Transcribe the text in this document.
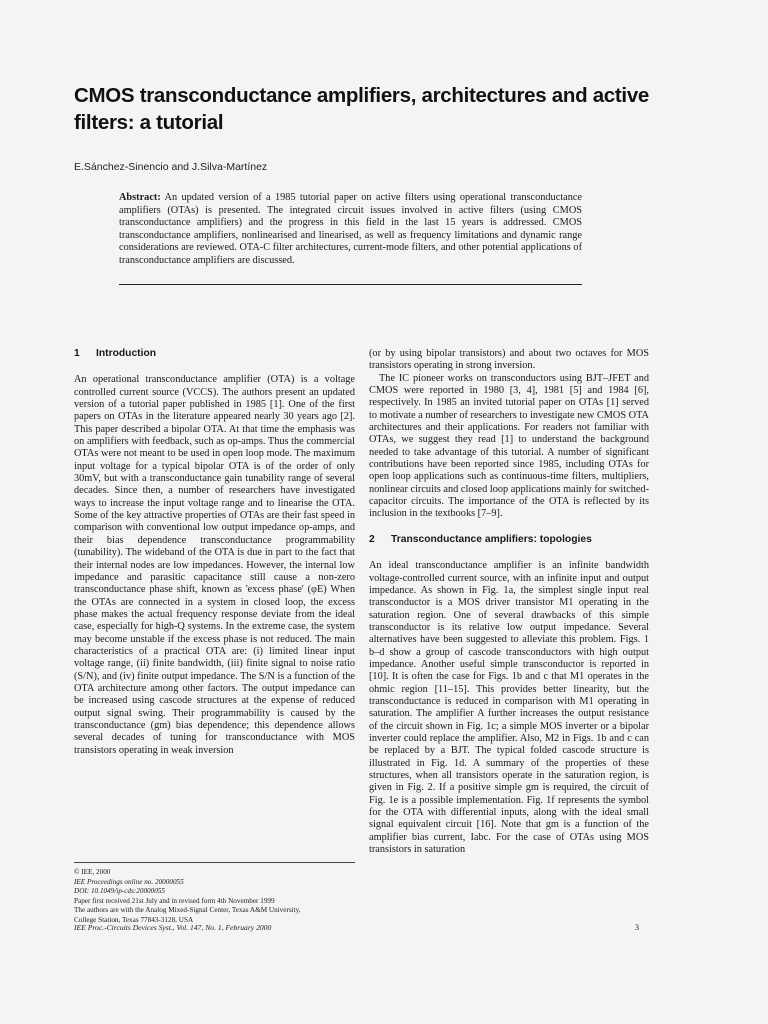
CMOS transconductance amplifiers, architectures and active filters: a tutorial
E.Sánchez-Sinencio and J.Silva-Martínez

Abstract: An updated version of a 1985 tutorial paper on active filters using operational transconductance amplifiers (OTAs) is presented. The integrated circuit issues involved in active filters (using CMOS transconductance amplifiers) and the progress in this field in the last 15 years is addressed. CMOS transconductance amplifiers, nonlinearised and linearised, as well as frequency limitations and dynamic range considerations are reviewed. OTA-C filter architectures, current-mode filters, and other potential applications of transconductance amplifiers are discussed.

1 Introduction

An operational transconductance amplifier (OTA) is a voltage controlled current source (VCCS). The authors present an updated version of a tutorial paper published in 1985 [1]. One of the first papers on OTAs in the literature appeared nearly 30 years ago [2]. This paper described a bipolar OTA. At that time the emphasis was on amplifiers with feedback, such as op-amps. Thus the commercial OTAs were not meant to be used in open loop mode. The maximum input voltage for a typical bipolar OTA is of the order of only 30mV, but with a transconductance gain tunability range of several decades. Since then, a number of researchers have investigated ways to increase the input voltage range and to linearise the OTA. Some of the key attractive properties of OTAs are their fast speed in comparison with conventional low output impedance op-amps, and their bias dependence transconductance programmability (tunability). The wideband of the OTA is due in part to the fact that their internal nodes are low impedances. However, the internal low impedance and parasitic capacitance still cause a non-zero transconductance phase shift, known as 'excess phase' (φE) When the OTAs are connected in a system in closed loop, the excess phase makes the actual frequency response deviate from the ideal case, especially for high-Q systems. In the extreme case, the system may become unstable if the excess phase is not reduced. The main characteristics of a practical OTA are: (i) limited linear input voltage range, (ii) finite bandwidth, (iii) finite signal to noise ratio (S/N), and (iv) finite output impedance. The S/N is a function of the OTA architecture among other factors. The output impedance can be increased using cascode structures at the expense of reduced output signal swing. Their programmability is caused by the transconductance (gm) bias dependence; this dependence allows several decades of tuning for transconductance with MOS transistors operating in weak inversion

(or by using bipolar transistors) and about two octaves for MOS transistors operating in strong inversion.

The IC pioneer works on transconductors using BJT–JFET and CMOS were reported in 1980 [3, 4], 1981 [5] and 1984 [6], respectively. In 1985 an invited tutorial paper on OTAs [1] served to motivate a number of researchers to investigate new CMOS OTA architectures and their applications. For readers not familiar with OTAs, we suggest they read [1] to understand the background needed to take advantage of this tutorial. A number of significant contributions have been reported since 1985, including OTAs for open loop applications such as continuous-time filters, multipliers, nonlinear circuits and closed loop applications mainly for switched-capacitor circuits. The importance of the OTA is reflected by its inclusion in the textbooks [7–9].

2 Transconductance amplifiers: topologies

An ideal transconductance amplifier is an infinite bandwidth voltage-controlled current source, with an infinite input and output impedance. As shown in Fig. 1a, the simplest single input real transconductor is a MOS driver transistor M1 operating in the saturation region. One of several drawbacks of this simple transconductor is its relative low output impedance. Several alternatives have been suggested to alleviate this problem. Figs. 1 b–d show a group of cascode transconductors with high output impedance. Another useful simple transconductor is reported in [10]. It is often the case for Figs. 1b and c that M1 operates in the ohmic region [11–15]. This provides better linearity, but the transconductance is reduced in comparison with M1 operating in saturation. The amplifier A further increases the output resistance of the circuit shown in Fig. 1c; a simple MOS inverter or a bipolar inverter could replace the amplifier. Also, M2 in Figs. 1b and c can be replaced by a BJT. The typical folded cascode structure is illustrated in Fig. 1d. A summary of the properties of these structures, when all transistors operate in the saturation region, is given in Fig. 2. If a positive simple gm is required, the circuit of Fig. 1e is a possible implementation. Fig. 1f represents the symbol for the OTA with differential inputs, along with the ideal small signal equivalent circuit [16]. Note that gm is a function of the amplifier bias current, Iabc. For the case of OTAs using MOS transistors in saturation

© IEE, 2000
IEE Proceedings online no. 20000055
DOI: 10.1049/ip-cds:20000055
Paper first received 21st July and in revised form 4th November 1999
The authors are with the Analog Mixed-Signal Center, Texas A&M University,
College Station, Texas 77843-3128, USA
IEE Proc.-Circuits Devices Syst., Vol. 147, No. 1, February 2000	3
